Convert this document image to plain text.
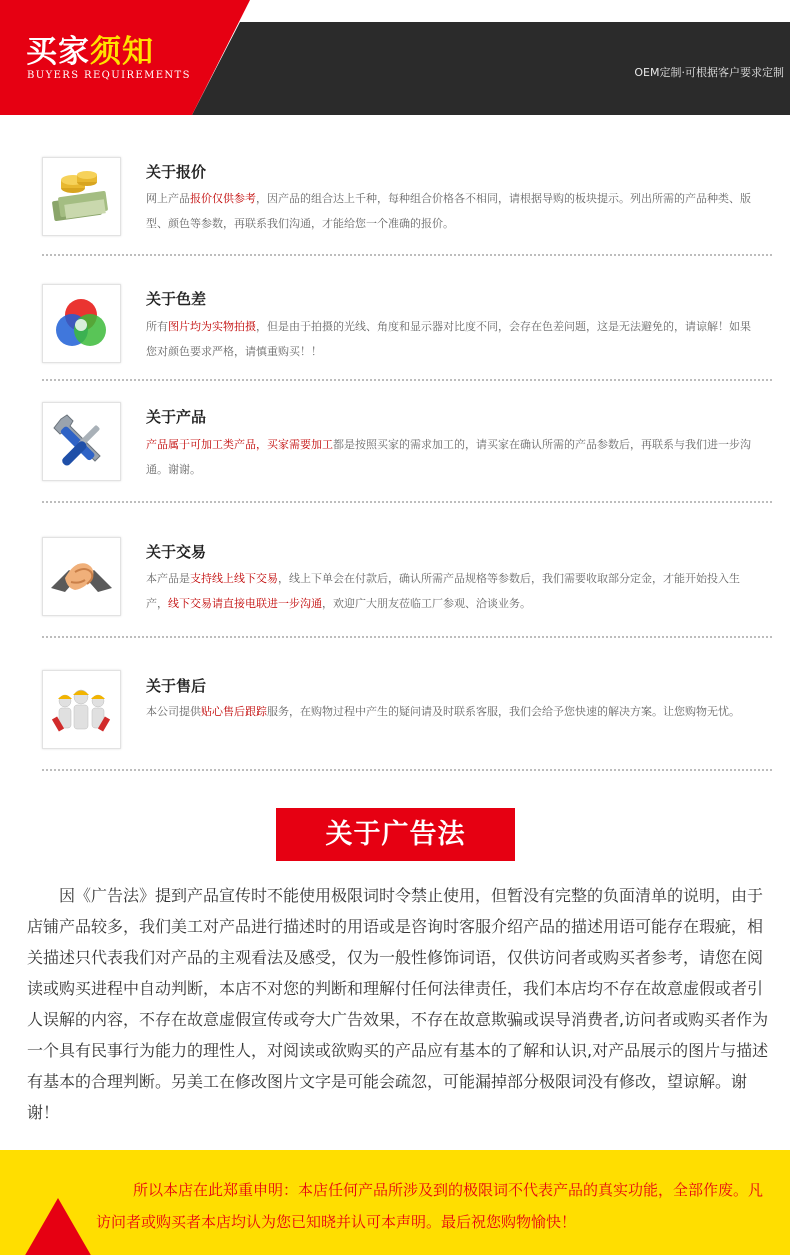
买家须知
BUYERS REQUIREMENTS	OEM定制·可根据客户要求定制
关于报价
网上产品报价仅供参考，因产品的组合达上千种，每种组合价格各不相同，请根据导购的板块提示。列出所需的产品种类、版型、颜色等参数，再联系我们沟通，才能给您一个准确的报价。
关于色差
所有图片均为实物拍摄，但是由于拍摄的光线、角度和显示器对比度不同，会存在色差问题，这是无法避免的，请谅解！如果您对颜色要求严格，请慎重购买！！
关于产品
产品属于可加工类产品，买家需要加工都是按照买家的需求加工的，请买家在确认所需的产品参数后，再联系与我们进一步沟通。谢谢。
关于交易
本产品是支持线上线下交易，线上下单会在付款后，确认所需产品规格等参数后，我们需要收取部分定金，才能开始投入生产，线下交易请直接电联进一步沟通，欢迎广大朋友莅临工厂参观、洽谈业务。
关于售后
本公司提供贴心售后跟踪服务，在购物过程中产生的疑问请及时联系客服，我们会给予您快速的解决方案。让您购物无忧。
关于广告法
因《广告法》提到产品宣传时不能使用极限词时令禁止使用，但暂没有完整的负面清单的说明，由于店铺产品较多，我们美工对产品进行描述时的用语或是咨询时客服介绍产品的描述用语可能存在瑕疵，相关描述只代表我们对产品的主观看法及感受，仅为一般性修饰词语，仅供访问者或购买者参考，请您在阅读或购买进程中自动判断，本店不对您的判断和理解付任何法律责任，我们本店均不存在故意虚假或者引人误解的内容，不存在故意虚假宣传或夸大广告效果，不存在故意欺骗或误导消费者,访问者或购买者作为一个具有民事行为能力的理性人，对阅读或欲购买的产品应有基本的了解和认识,对产品展示的图片与描述有基本的合理判断。另美工在修改图片文字是可能会疏忽，可能漏掉部分极限词没有修改，望谅解。谢谢！
所以本店在此郑重申明：本店任何产品所涉及到的极限词不代表产品的真实功能，全部作废。凡访问者或购买者本店均认为您已知晓并认可本声明。最后祝您购物愉快！
